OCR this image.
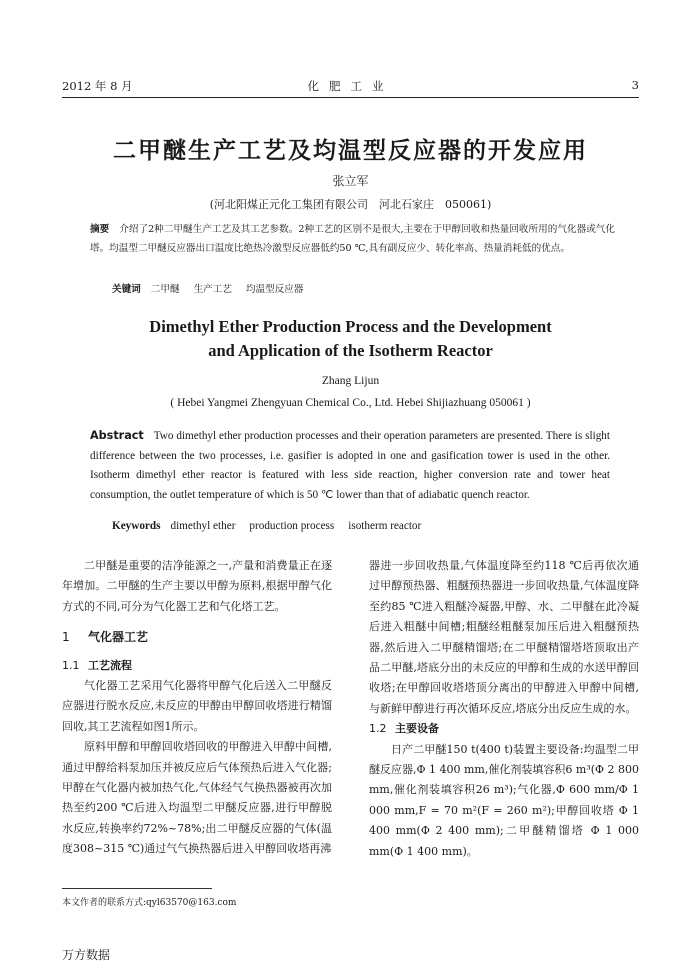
2012 年 8 月	化肥工业	3
二甲醚生产工艺及均温型反应器的开发应用
张立军
(河北阳煤正元化工集团有限公司　河北石家庄　050061)
摘要 介绍了2种二甲醚生产工艺及其工艺参数。2种工艺的区别不是很大,主要在于甲醇回收和热量回收所用的气化器或气化塔。均温型二甲醚反应器出口温度比绝热冷激型反应器低约50 ℃,具有副反应少、转化率高、热量消耗低的优点。
关键词 二甲醚 生产工艺 均温型反应器
Dimethyl Ether Production Process and the Development
and Application of the Isotherm Reactor
Zhang Lijun
( Hebei Yangmei Zhengyuan Chemical Co., Ltd. Hebei Shijiazhuang 050061 )
Abstract Two dimethyl ether production processes and their operation parameters are presented. There is slight difference between the two processes, i.e. gasifier is adopted in one and gasification tower is used in the other. Isotherm dimethyl ether reactor is featured with less side reaction, higher conversion rate and tower heat consumption, the outlet temperature of which is 50 ℃ lower than that of adiabatic quench reactor.
Keywords dimethyl ether production process isotherm reactor

二甲醚是重要的洁净能源之一,产量和消费量正在逐年增加。二甲醚的生产主要以甲醇为原料,根据甲醇气化方式的不同,可分为气化器工艺和气化塔工艺。

1 气化器工艺
1.1 工艺流程

气化器工艺采用气化器将甲醇气化后送入二甲醚反应器进行脱水反应,未反应的甲醇由甲醇回收塔进行精馏回收,其工艺流程如图1所示。

原料甲醇和甲醇回收塔回收的甲醇进入甲醇中间槽,通过甲醇给料泵加压并被反应后气体预热后进入气化器;甲醇在气化器内被加热气化,气体经气气换热器被再次加热至约200 ℃后进入均温型二甲醚反应器,进行甲醇脱水反应,转换率约72%~78%;出二甲醚反应器的气体(温度308~315 ℃)通过气气换热器后进入甲醇回收塔再沸

器进一步回收热量,气体温度降至约118 ℃后再依次通过甲醇预热器、粗醚预热器进一步回收热量,气体温度降至约85 ℃进入粗醚冷凝器,甲醇、水、二甲醚在此冷凝后进入粗醚中间槽;粗醚经粗醚泵加压后进入粗醚预热器,然后进入二甲醚精馏塔;在二甲醚精馏塔塔顶取出产品二甲醚,塔底分出的未反应的甲醇和生成的水送甲醇回收塔;在甲醇回收塔塔顶分离出的甲醇进入甲醇中间槽,与新鲜甲醇进行再次循环反应,塔底分出反应生成的水。

1.2 主要设备

日产二甲醚150 t(400 t)装置主要设备:均温型二甲醚反应器,Φ 1 400 mm,催化剂装填容积6 m³(Φ 2 800 mm,催化剂装填容积26 m³);气化器,Φ 600 mm/Φ 1 000 mm,F = 70 m²(F = 260 m²);甲醇回收塔 Φ 1 400 mm(Φ 2 400 mm);二甲醚精馏塔 Φ 1 000 mm(Φ 1 400 mm)。

本文作者的联系方式:qyl63570@163.com
万方数据
